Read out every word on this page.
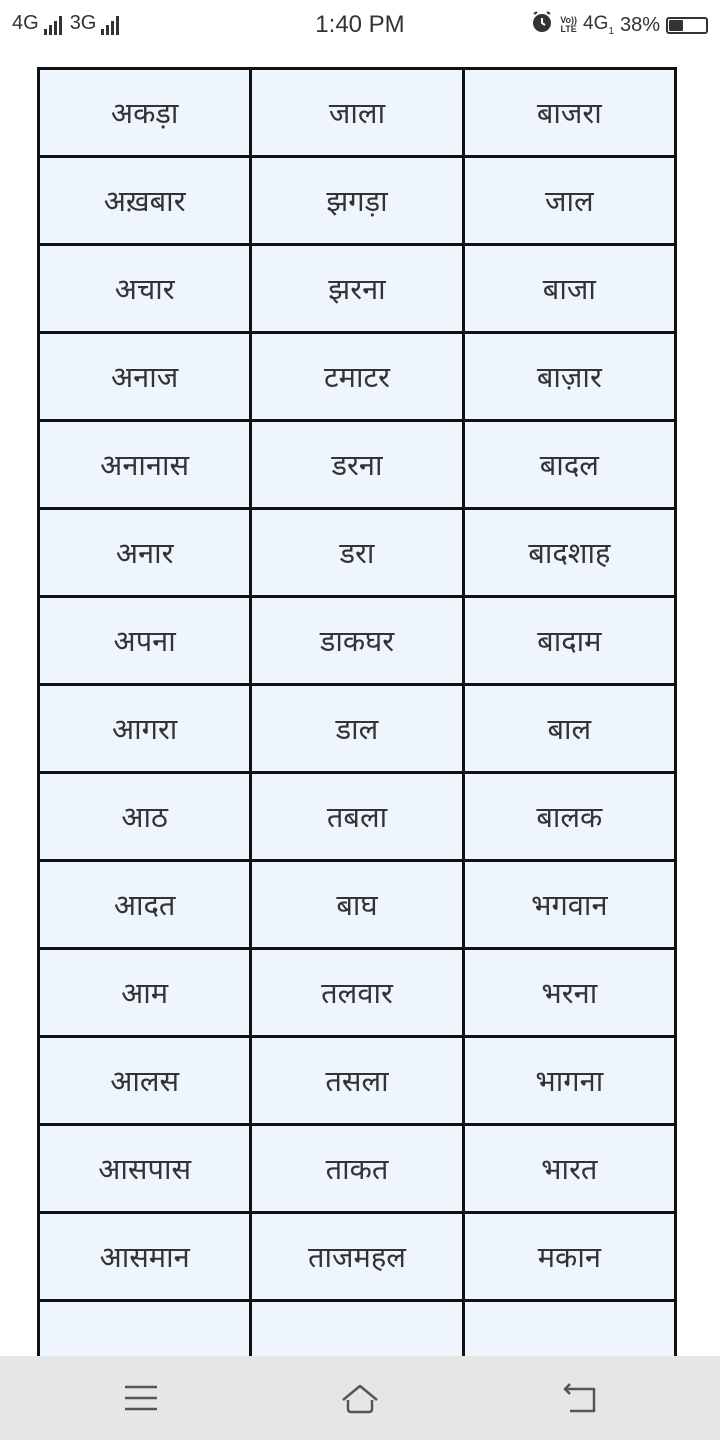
4G 3G	1:40 PM	Vo))
LTE $4G_1$ 38%
अकड़ा	जाला	बाजरा
अख़बार	झगड़ा	जाल
अचार	झरना	बाजा
अनाज	टमाटर	बाज़ार
अनानास	डरना	बादल
अनार	डरा	बादशाह
अपना	डाकघर	बादाम
आगरा	डाल	बाल
आठ	तबला	बालक
आदत	बाघ	भगवान
आम	तलवार	भरना
आलस	तसला	भागना
आसपास	ताकत	भारत
आसमान	ताजमहल	मकान
